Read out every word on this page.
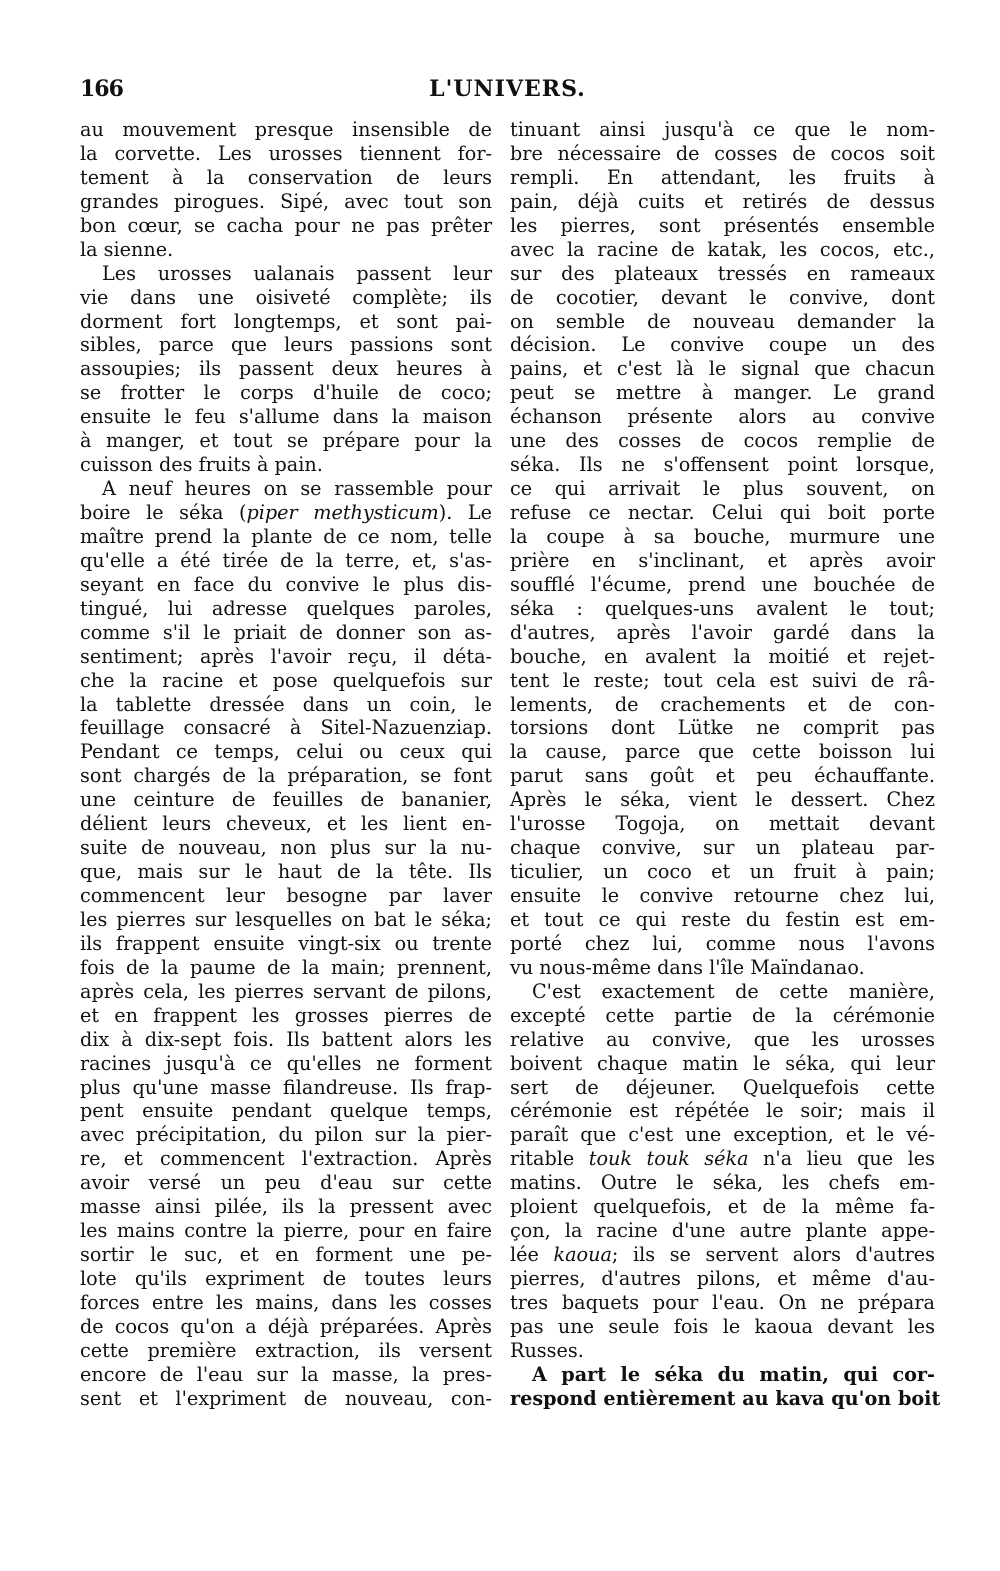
166	L'UNIVERS.
au mouvement presque insensible de
la corvette. Les urosses tiennent for-
tement à la conservation de leurs
grandes pirogues. Sipé, avec tout son
bon cœur, se cacha pour ne pas prêter
la sienne.
Les urosses ualanais passent leur
vie dans une oisiveté complète; ils
dorment fort longtemps, et sont pai-
sibles, parce que leurs passions sont
assoupies; ils passent deux heures à
se frotter le corps d'huile de coco;
ensuite le feu s'allume dans la maison
à manger, et tout se prépare pour la
cuisson des fruits à pain.
A neuf heures on se rassemble pour
boire le séka (piper methysticum). Le
maître prend la plante de ce nom, telle
qu'elle a été tirée de la terre, et, s'as-
seyant en face du convive le plus dis-
tingué, lui adresse quelques paroles,
comme s'il le priait de donner son as-
sentiment; après l'avoir reçu, il déta-
che la racine et pose quelquefois sur
la tablette dressée dans un coin, le
feuillage consacré à Sitel-Nazuenziap.
Pendant ce temps, celui ou ceux qui
sont chargés de la préparation, se font
une ceinture de feuilles de bananier,
délient leurs cheveux, et les lient en-
suite de nouveau, non plus sur la nu-
que, mais sur le haut de la tête. Ils
commencent leur besogne par laver
les pierres sur lesquelles on bat le séka;
ils frappent ensuite vingt-six ou trente
fois de la paume de la main; prennent,
après cela, les pierres servant de pilons,
et en frappent les grosses pierres de
dix à dix-sept fois. Ils battent alors les
racines jusqu'à ce qu'elles ne forment
plus qu'une masse filandreuse. Ils frap-
pent ensuite pendant quelque temps,
avec précipitation, du pilon sur la pier-
re, et commencent l'extraction. Après
avoir versé un peu d'eau sur cette
masse ainsi pilée, ils la pressent avec
les mains contre la pierre, pour en faire
sortir le suc, et en forment une pe-
lote qu'ils expriment de toutes leurs
forces entre les mains, dans les cosses
de cocos qu'on a déjà préparées. Après
cette première extraction, ils versent
encore de l'eau sur la masse, la pres-
sent et l'expriment de nouveau, con-
tinuant ainsi jusqu'à ce que le nom-
bre nécessaire de cosses de cocos soit
rempli. En attendant, les fruits à
pain, déjà cuits et retirés de dessus
les pierres, sont présentés ensemble
avec la racine de katak, les cocos, etc.,
sur des plateaux tressés en rameaux
de cocotier, devant le convive, dont
on semble de nouveau demander la
décision. Le convive coupe un des
pains, et c'est là le signal que chacun
peut se mettre à manger. Le grand
échanson présente alors au convive
une des cosses de cocos remplie de
séka. Ils ne s'offensent point lorsque,
ce qui arrivait le plus souvent, on
refuse ce nectar. Celui qui boit porte
la coupe à sa bouche, murmure une
prière en s'inclinant, et après avoir
soufflé l'écume, prend une bouchée de
séka : quelques-uns avalent le tout;
d'autres, après l'avoir gardé dans la
bouche, en avalent la moitié et rejet-
tent le reste; tout cela est suivi de râ-
lements, de crachements et de con-
torsions dont Lütke ne comprit pas
la cause, parce que cette boisson lui
parut sans goût et peu échauffante.
Après le séka, vient le dessert. Chez
l'urosse Togoja, on mettait devant
chaque convive, sur un plateau par-
ticulier, un coco et un fruit à pain;
ensuite le convive retourne chez lui,
et tout ce qui reste du festin est em-
porté chez lui, comme nous l'avons
vu nous-même dans l'île Maïndanao.
C'est exactement de cette manière,
excepté cette partie de la cérémonie
relative au convive, que les urosses
boivent chaque matin le séka, qui leur
sert de déjeuner. Quelquefois cette
cérémonie est répétée le soir; mais il
paraît que c'est une exception, et le vé-
ritable touk touk séka n'a lieu que les
matins. Outre le séka, les chefs em-
ploient quelquefois, et de la même fa-
çon, la racine d'une autre plante appe-
lée kaoua; ils se servent alors d'autres
pierres, d'autres pilons, et même d'au-
tres baquets pour l'eau. On ne prépara
pas une seule fois le kaoua devant les
Russes.
A part le séka du matin, qui cor-
respond entièrement au kava qu'on boit
